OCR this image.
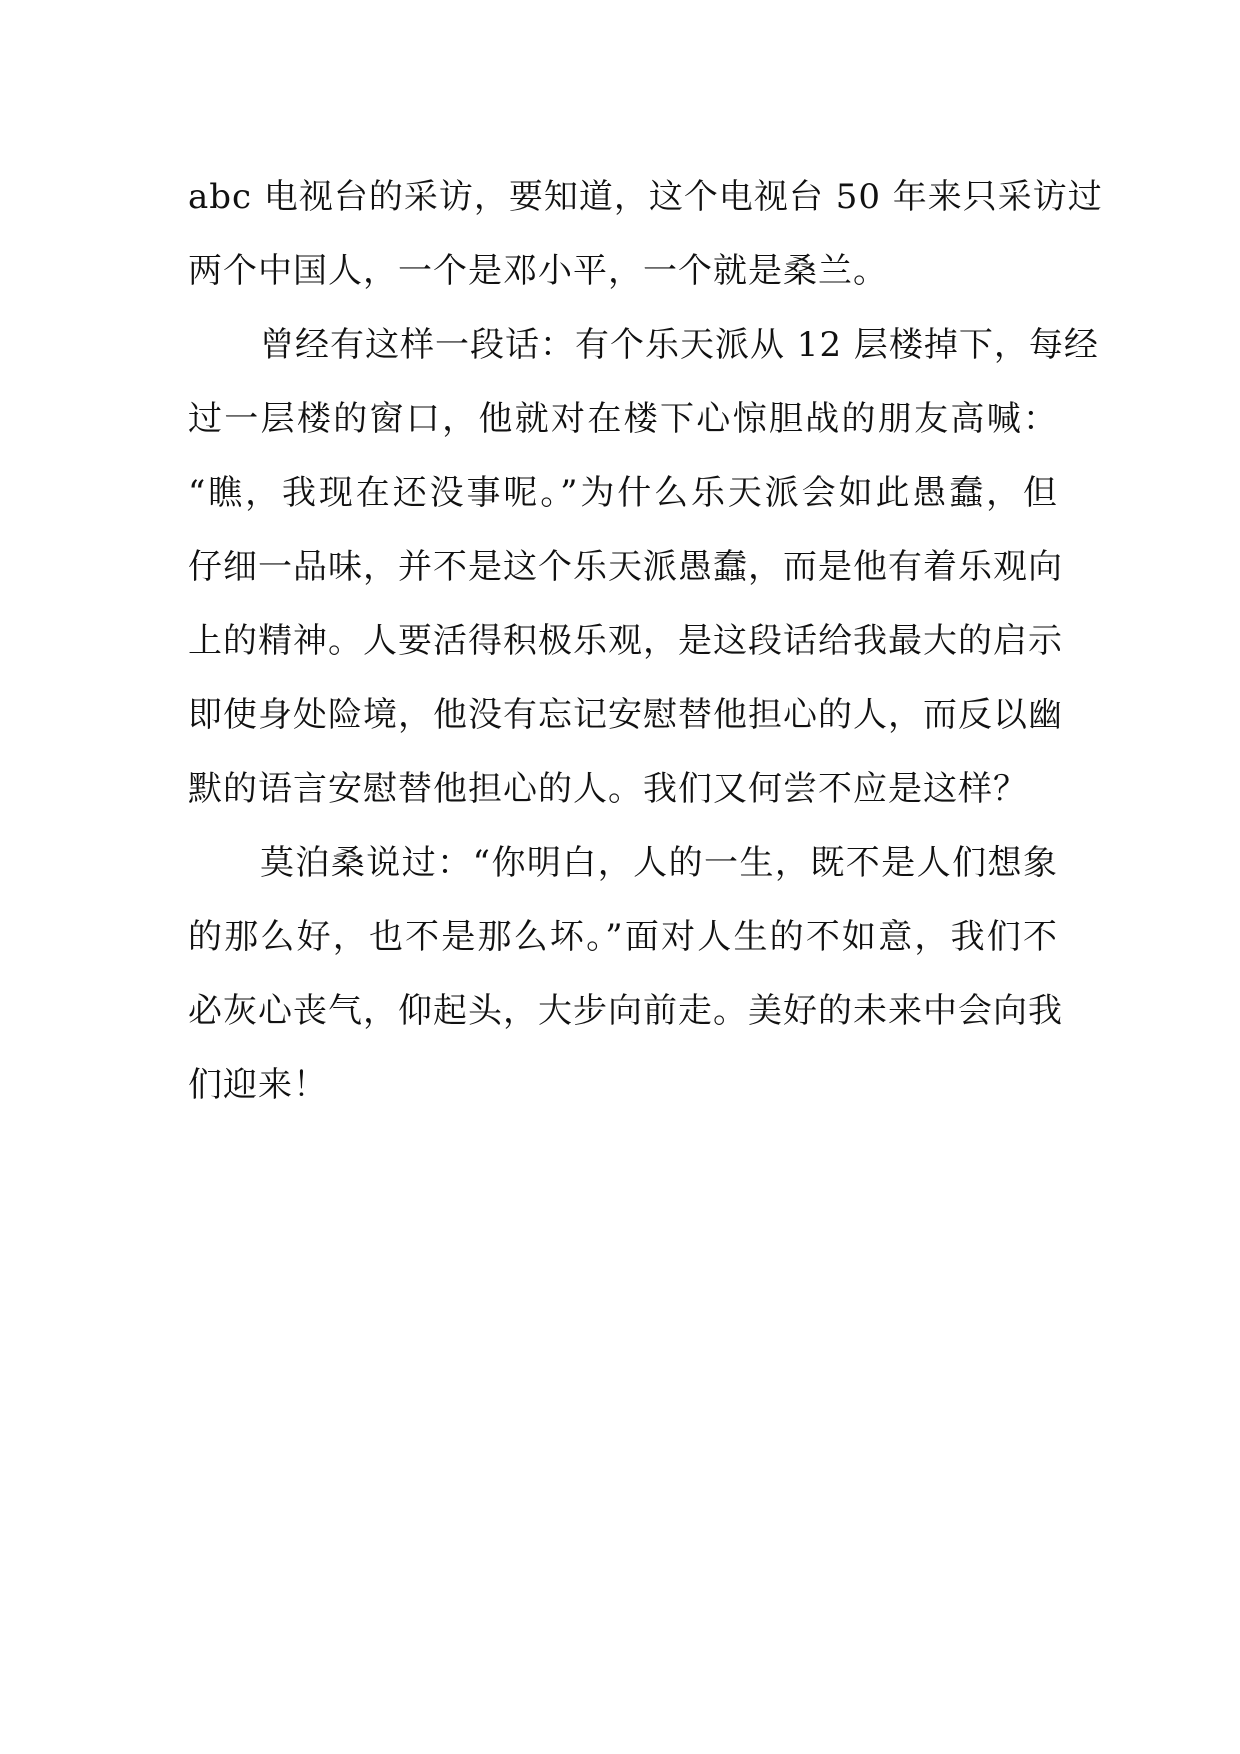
abc 电视台的采访，要知道，这个电视台 50 年来只采访过
两个中国人，一个是邓小平，一个就是桑兰。
曾经有这样一段话：有个乐天派从 12 层楼掉下，每经
过一层楼的窗口，他就对在楼下心惊胆战的朋友高喊：
“瞧，我现在还没事呢。”为什么乐天派会如此愚蠢，但
仔细一品味，并不是这个乐天派愚蠢，而是他有着乐观向
上的精神。人要活得积极乐观，是这段话给我最大的启示
即使身处险境，他没有忘记安慰替他担心的人，而反以幽
默的语言安慰替他担心的人。我们又何尝不应是这样？
莫泊桑说过：“你明白，人的一生，既不是人们想象
的那么好，也不是那么坏。”面对人生的不如意，我们不
必灰心丧气，仰起头，大步向前走。美好的未来中会向我
们迎来！
